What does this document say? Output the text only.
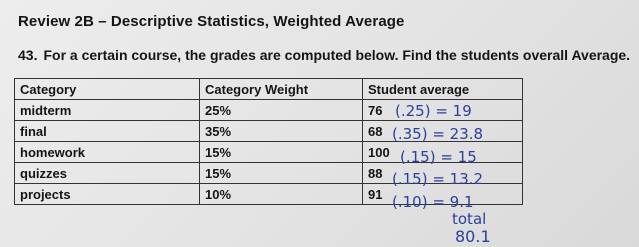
Review 2B – Descriptive Statistics, Weighted Average

43. For a certain course, the grades are computed below. Find the students overall Average.

Category	Category Weight	Student average
midterm	25%	76
final	35%	68
homework	15%	100
quizzes	15%	88
projects	10%	91
(.25) = 19
(.35) = 23.8
(.15) = 15
(.15) = 13.2
(.10) = 9.1
total
80.1
